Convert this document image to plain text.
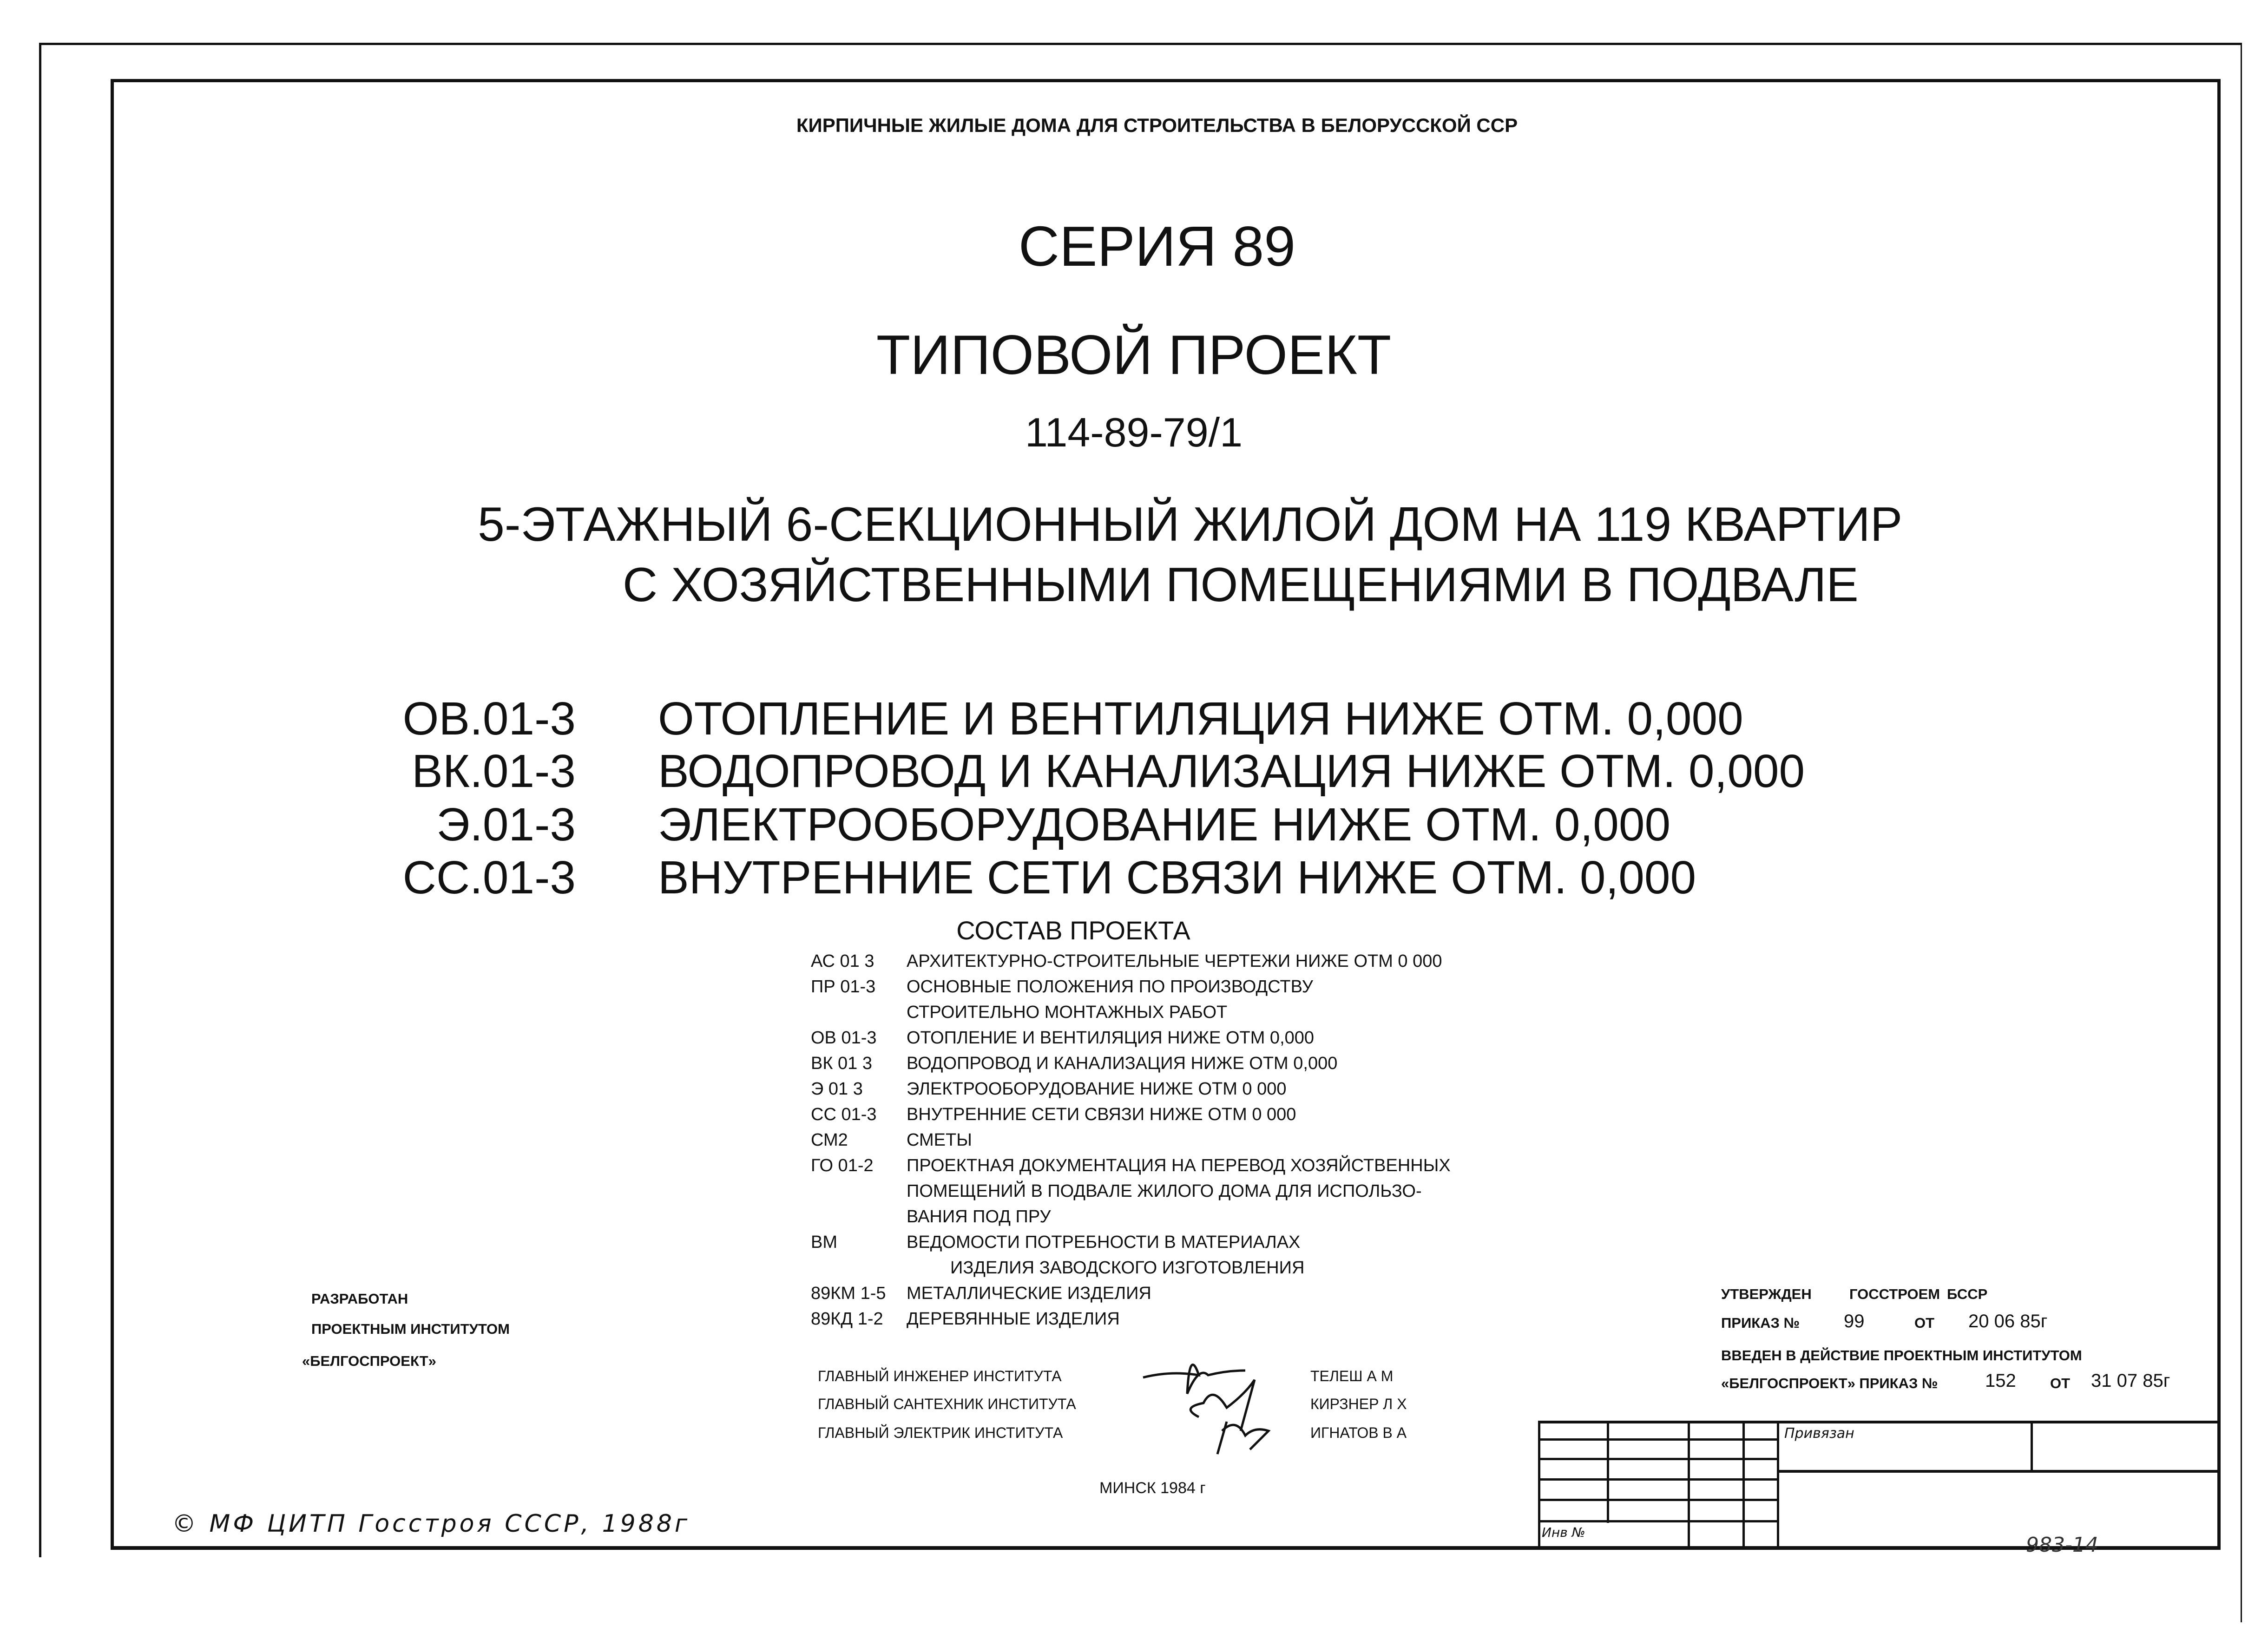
КИРПИЧНЫЕ ЖИЛЫЕ ДОМА ДЛЯ СТРОИТЕЛЬСТВА В БЕЛОРУССКОЙ ССР
СЕРИЯ 89
ТИПОВОЙ ПРОЕКТ
114-89-79/1
5-ЭТАЖНЫЙ 6-СЕКЦИОННЫЙ ЖИЛОЙ ДОМ НА 119 КВАРТИР
С ХОЗЯЙСТВЕННЫМИ ПОМЕЩЕНИЯМИ В ПОДВАЛЕ
ОВ.01-3 ОТОПЛЕНИЕ И ВЕНТИЛЯЦИЯ НИЖЕ ОТМ. 0,000
ВК.01-3 ВОДОПРОВОД И КАНАЛИЗАЦИЯ НИЖЕ ОТМ. 0,000
Э.01-3 ЭЛЕКТРООБОРУДОВАНИЕ НИЖЕ ОТМ. 0,000
СС.01-3 ВНУТРЕННИЕ СЕТИ СВЯЗИ НИЖЕ ОТМ. 0,000
СОСТАВ ПРОЕКТА
АС 01 3 АРХИТЕКТУРНО-СТРОИТЕЛЬНЫЕ ЧЕРТЕЖИ НИЖЕ ОТМ 0 000
ПР 01-3 ОСНОВНЫЕ ПОЛОЖЕНИЯ ПО ПРОИЗВОДСТВУ
СТРОИТЕЛЬНО МОНТАЖНЫХ РАБОТ
ОВ 01-3 ОТОПЛЕНИЕ И ВЕНТИЛЯЦИЯ НИЖЕ ОТМ 0,000
ВК 01 3 ВОДОПРОВОД И КАНАЛИЗАЦИЯ НИЖЕ ОТМ 0,000
Э 01 3 ЭЛЕКТРООБОРУДОВАНИЕ НИЖЕ ОТМ 0 000
СС 01-3 ВНУТРЕННИЕ СЕТИ СВЯЗИ НИЖЕ ОТМ 0 000
СМ2	СМЕТЫ
ГО 01-2 ПРОЕКТНАЯ ДОКУМЕНТАЦИЯ НА ПЕРЕВОД ХОЗЯЙСТВЕННЫХ
ПОМЕЩЕНИЙ В ПОДВАЛЕ ЖИЛОГО ДОМА ДЛЯ ИСПОЛЬЗО-
ВАНИЯ ПОД ПРУ
ВМ	ВЕДОМОСТИ ПОТРЕБНОСТИ В МАТЕРИАЛАХ
ИЗДЕЛИЯ ЗАВОДСКОГО ИЗГОТОВЛЕНИЯ
89КМ 1-5 МЕТАЛЛИЧЕСКИЕ ИЗДЕЛИЯ
89КД 1-2 ДЕРЕВЯННЫЕ ИЗДЕЛИЯ
РАЗРАБОТАН
ПРОЕКТНЫМ ИНСТИТУТОМ
«БЕЛГОСПРОЕКТ»
ГЛАВНЫЙ ИНЖЕНЕР ИНСТИТУТА	ТЕЛЕШ А М
ГЛАВНЫЙ САНТЕХНИК ИНСТИТУТА	КИРЗНЕР Л Х
ГЛАВНЫЙ ЭЛЕКТРИК ИНСТИТУТА	ИГНАТОВ В А
МИНСК 1984 г
УТВЕРЖДЕН	ГОССТРОЕМ БССР
ПРИКАЗ № 99	ОТ 20 06 85г
ВВЕДЕН В ДЕЙСТВИЕ ПРОЕКТНЫМ ИНСТИТУТОМ
«БЕЛГОСПРОЕКТ» ПРИКАЗ №	152 ОТ 31 07 85г
Привязан
Инв №
© МФ ЦИТП Госстроя СССР, 1988г
983-14
